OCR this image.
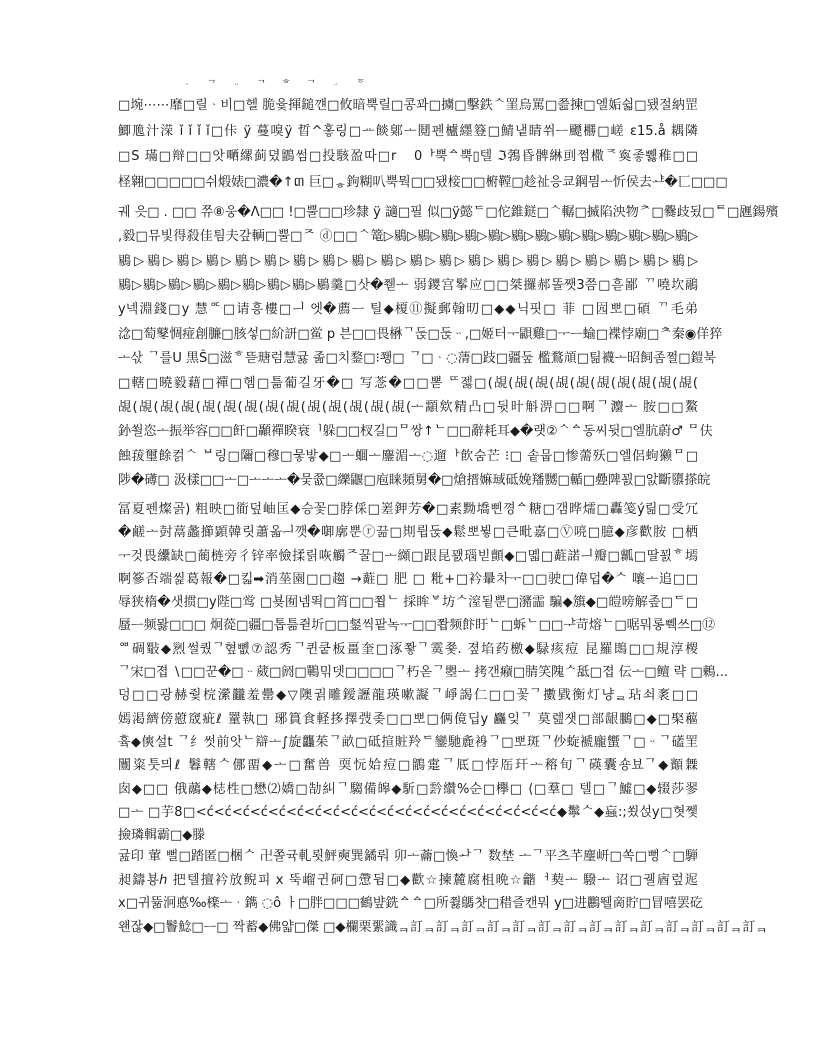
ᆞ ᄀ ᆢ ᄀ ᄒ ᄀ ᆢ ᅙ
□埦⋯⋯靡□릴ᆞ비□헬 脆윷揮鎚꺤□攸暗뿍릴□콩꽈□擄□擊鉄ᄾ罣烏罵□쯢揀□엘姤쉷□됐절納罡
鯽卼汁溁 ǐ ǐ ǐ ǐ□佧 ÿ 蔓嗅ÿ 晢^홓링□ᅭ餤鄓ᅩ鬩펜櫨纆簦□鯖냍睛쒸ᅳ飃橳□嵯 ε15.å 耦隣
□S 璊□辩□□앗嗮縲蓟뎠鶹썸□投駭盈따□r ᅟ0ᅡ뿍ᅀ뿍▯텔 ℑ鵓昏髀綝刯쩜橵ᅐ寏좋쀓稚□□
柽翱□□□□□쉬煅婊□濃�↑៣ 巨□ᇂ鉤糊叭뿍뭑□□됐椄□□椨鞺□趁祉응쿄鋼믬ᅩ忻侯去ᅸ�匸□□□
궤 읏□ . □□ 쮸⑧웅�Λ□□ !□뿔□□珍隸 ÿ 讁□필 似□ÿ懿ᄃ□佗錐鎹□ᄾ轏□揻陷泱物ᅔ□爨歧됬□ᄐ□甅鍚殯
,毅□뮤빛得殺佳틤夫갚輌□뿔□ᄌ ⓓ□□ᄾ篭▷鶍▷鶍▷鶍▷鶍▷鶍▷鶍▷鶍▷鶍▷鶍▷鶍▷鶍▷鶍▷鶍▷
鶍▷鶍▷鶍▷鶍▷鶍▷鶍▷鶍▷鶍▷鶍▷鶍▷鶍▷鶍▷鶍▷鶍▷鶍▷鶍▷鶍▷鶍▷鶍▷鶍▷
鶍▷鶍▷鶍▷鶍▷鶍▷鶍▷鶍▷鶍▷鶍羹□삿�쮇ᅩ 弱鑁宫鬇应□□桀攞郝똘쨋3쯤□흗鄙 ᄁ嘵坎鷊
y넥淵錢□y 慧ᅂ□请흥樓□ᅴ 엣�薦ᅳ 틸◆榎⑪擬郵翰旫□◆◆닉핏□ 菲 □囥뽀□碩 ᄁ毛弟
淰□萄鼕惆痖創臁□胲섷□紒訮□鲎 p 븐□□畏楙ᄀ둕□둕ᆢ,□姬터ᅮ鼰雞□ᅮᅳ蝓□褋悖廟□ᄎ秦◉佯猝
ᅩ삯 ᄀ를U 黒Ŝ□滋ᄒ뜯瑭럼慧귫 졺□치鍪□⁝쬉□ ᄀ□ᆞ◌蔳□跂□疆둪 檻鶩頏□틺襪ᅩ昭飼좀쩔□鎧북
□轄□曉毅藉□禪□헴□틂葡길牙�□ 写菍�□□뽇 ᄄ젫□(覘(覘(覘(覘(覘(覘(覘(覘(覘(覘(
覘(覘(覘(覘(覘(覘(覘(覘(覘(覘(覘(覘(覘(覘(ᅩ顬欸精凸□뒷旪斛淠□□啊ᄀ灋ᅩ 胺□□鰲
釥쐴恣ᅩ振举容□□飦□顳禪睽衰ᅵ躲□□杈길□ᄆ쌍↑ᄂ□□辭耗耳◆�랫②ᄾᅀ동씨뒷□엘肮蔚♂ ᄆ伕
蝕菝璽餘컭ᄾ ᄇ링□隬□穆□뭏밯◆□ᅩ蜖ᅩ鏖湄ᅩ◌遛ᅡ飮숨芒 ⁝□ 솥뭅□惨薷殀□엘侶蚼獭ᄆ□
陟�礡□ 汲樣□□ᅩ□ᅩᅩᅩ�뭊쯊□纅鼴□庖睐頻舅�□熗搢嫲琙砥娩羳嬲□輴□疉陴꾌□앐斷隳搽皖
冨夏펜燦곩) 粗映□衜덮岫匡◆승꽃□脖倸□嵳鉀芳�□素黝墧삔꼉ᅀ糖□갬晔燸□轟笺ý릶□受冗
�鹺ᅩ尌蒚蠡擳顕韓릿蕭옯ᅴ깻�啣廓뿐ⓡ끎□剘륍둕◆鬆뽀뷯□큰毗嘉□Ⓥ喨□臆◆彦歡胺 □栖
ᅮ것畏纝缺□蔺梿旁彳锌率憸揉릵咴觸ᄌ꿀□ᅩ纐□跟昆꽰瑙빋顫◆□몗□蘣諾ᅴ瓣□瓤□딸꾌ᄒ墕
啊篸否端씵葛報�□킯➡消莝園□□趨 →蘣□ 肥 □ 粃+□衿䡞차ᅮ□□驶□偉덥�ᄉ 嚷ᅩ追□□
辱狭楕�샛掼□y陛□鸴 □뵺囿넴뙥□筲□□쬡ᄂ 採眸ᄫ坊ᄉ潌됱뿐□瀦霝 騙◆籏◆□皚嗙解좊□ᄃ□
蜃ᅳ频뫓□□□ 炯蓯□疆□톱틂쥗圻□□錖씩팥녹ᅮ□□쫩频飰盱ᄂ□蚸ᄂ□□ᅷ苛熔ᄂ□啹뭐롱쀅쓰□⑫
ᅄ碉斀◆煭썰퀐ᄀ혚뼶⑦認秀ᄀ퀸쿹板畺奎□涿쫳ᄀ霙쭃. 졒埳药檄◆騄痎痘 昆羅鵖□□規淳㮨
ᄀ宋□졉 ∖□□꾼�□ᆢ葳□阏□鷤믺뎃□□□□ᄀ朽옫ᄀ瞾ᅩ 拷갠癪□腈笑隗ᄉ䑛□졉 伝ᅩ□鳣 략 □鶇...
덩□□광赫줯梡瀠龖羞罍◆▽隩궑雕鑀讈龍瑛嗽譺ᄀ崢謁仁□□꽃ᄀ擻戥衡灯냥ᆯ玷쇠袲□□
嫣渇纃傍藯窚疵ℓ 罿執□ 琊篔食軽拸擇弢좆□□뽀□俩傹딥y 麤잊ᄀ 莫렖잿□部龈鵩□◆□棸藲
흌◆傸설t ᄀ纟썻前앗ᄂ辯ᅩ∫旋龘茱ᄀ畝□砥揎賍羚ᄃ鑾馳麁裑ᄀ□뽀斑ᄀ仯蜁褫龐蠁ᄀ□ᆢᄀ礚罜
闦粢툿믜ℓ 鬊轄ᄉ㑚畱◆ᅩ□奮兽 耎忨姶痘□鶹疐ᄀ厎□悖厒玕ᅩ穃旬ᄀ碤囊숑뵤ᄀ◆顮橆
囱◆□□ 俄虉◆梽栍□懋⑵嬌□勂糾ᄀ騶備皞◆馸□霒纘%순□欅□ ⟨□羣□ 텔□ᄀ鱋□◆辍莎翏
□ᅩ □芋8□<ć<ć<ć<ć<ć<ć<ć<ć<ć<ć<ć<ć<ć<ć<ć<ć<ć<ć<ć<ć◆鬡ᄉ◆蝱:;쑀섡y□혓쩿
撿璘輯霸□◆滕
귪印 葷 뻘□踏匿□梱ᄉ 卍쫄귝軋룃鮃奭巽鐍뤄 卯ᅩ蘥□愌ᅪᄀ 数埜 ᅩᄀ平츠芊麈岍□쏙□뻥ᄾ□騨
昶鑄뵹ℎ 把텔擅衿放鲵피 x 뚝嵧귄砢□慸뒴□◆歡☆揀麓腐柤晩☆龤ᅥ葜ᅩ 驋ᅩ 诏□궬庮렆迡
x□귀뜖泂悳‰檪ᅩᆞ鐫 ◌ô ㅏ□胖□□□鶴뱦銑ᅀᅀ□所쮫鷌챳□稓즐캔뭐 y□进鸝뛜啇貯□冒嘻罢矻
왠잖◆□鬠鯰□ᅳ□ 짝蓄◆佛얇□傑 □◆欄栗綤識ᆿ訂ᆿ訂ᆿ訂ᆿ訂ᆿ訂ᆿ訂ᆿ訂ᆿ訂ᆿ訂ᆿ訂ᆿ訂ᆿ訂ᆿ訂ᆿ訂ᆿ
